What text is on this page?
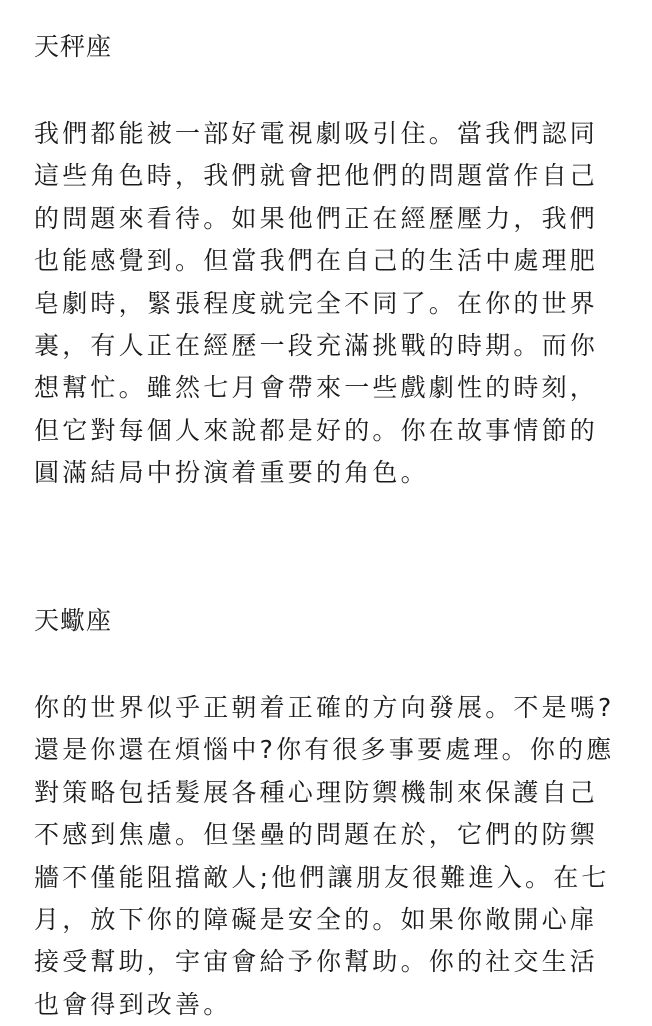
天秤座

我們都能被一部好電視劇吸引住。當我們認同
這些角色時，我們就會把他們的問題當作自己
的問題來看待。如果他們正在經歷壓力，我們
也能感覺到。但當我們在自己的生活中處理肥
皂劇時，緊張程度就完全不同了。在你的世界
裏，有人正在經歷一段充滿挑戰的時期。而你
想幫忙。雖然七月會帶來一些戲劇性的時刻，
但它對每個人來說都是好的。你在故事情節的
圓滿結局中扮演着重要的角色。

天蠍座

你的世界似乎正朝着正確的方向發展。不是嗎?
還是你還在煩惱中?你有很多事要處理。你的應
對策略包括髮展各種心理防禦機制來保護自己
不感到焦慮。但堡壘的問題在於，它們的防禦
牆不僅能阻擋敵人;他們讓朋友很難進入。在七
月，放下你的障礙是安全的。如果你敞開心扉
接受幫助，宇宙會給予你幫助。你的社交生活
也會得到改善。
